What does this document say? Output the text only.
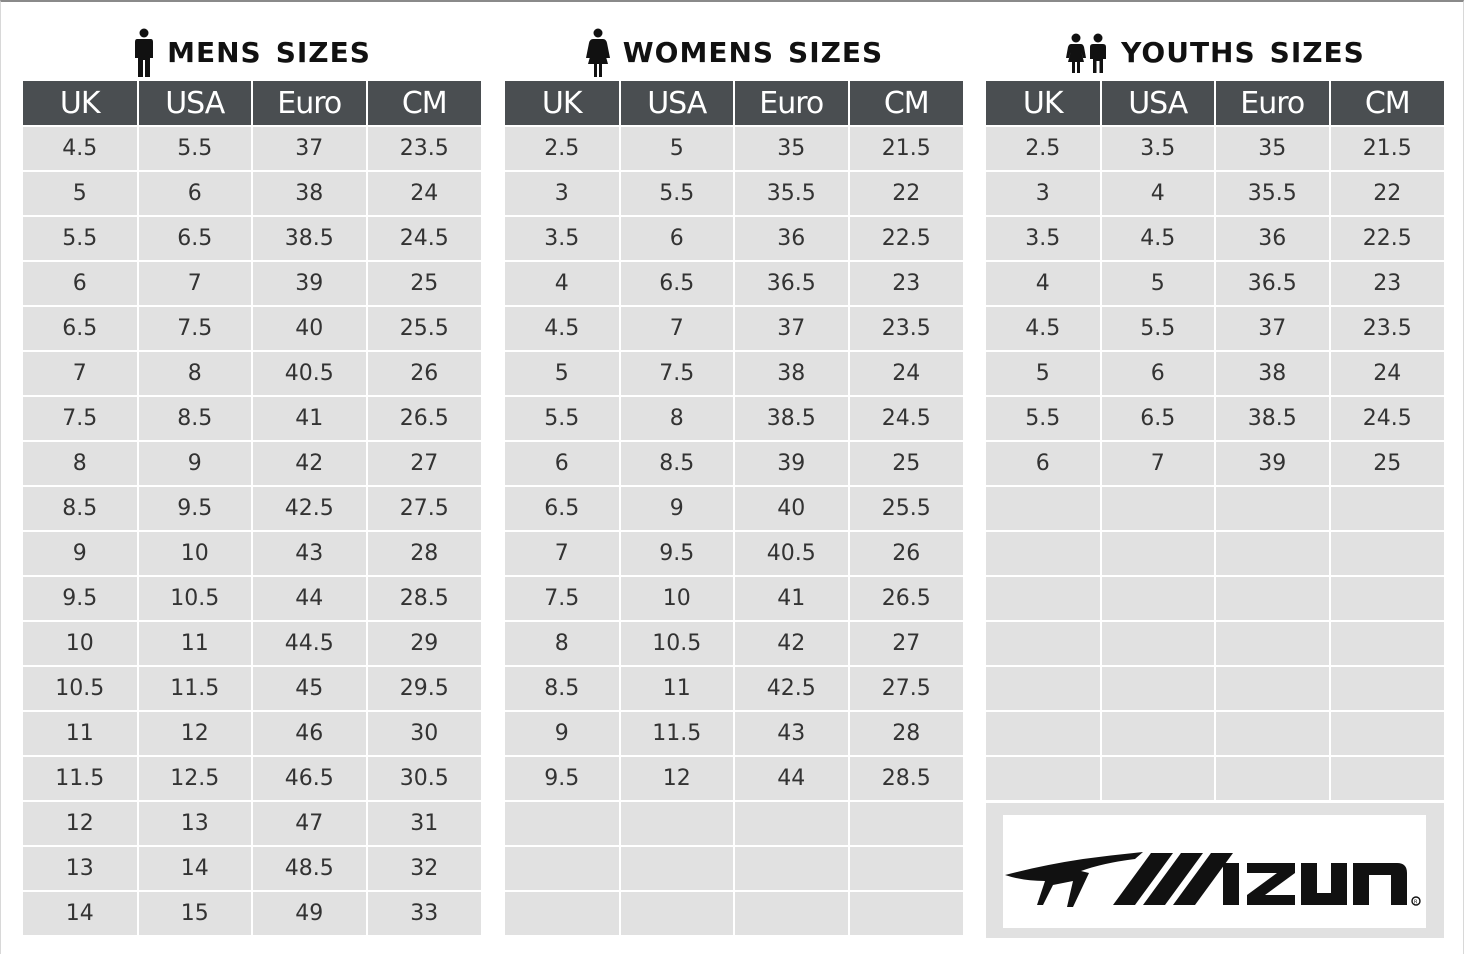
MENS SIZES
UK	USA	Euro	CM
4.5	5.5	37	23.5
5	6	38	24
5.5	6.5	38.5	24.5
6	7	39	25
6.5	7.5	40	25.5
7	8	40.5	26
7.5	8.5	41	26.5
8	9	42	27
8.5	9.5	42.5	27.5
9	10	43	28
9.5	10.5	44	28.5
10	11	44.5	29
10.5	11.5	45	29.5
11	12	46	30
11.5	12.5	46.5	30.5
12	13	47	31
13	14	48.5	32
14	15	49	33
WOMENS SIZES
UK	USA	Euro	CM
2.5	5	35	21.5
3	5.5	35.5	22
3.5	6	36	22.5
4	6.5	36.5	23
4.5	7	37	23.5
5	7.5	38	24
5.5	8	38.5	24.5
6	8.5	39	25
6.5	9	40	25.5
7	9.5	40.5	26
7.5	10	41	26.5
8	10.5	42	27
8.5	11	42.5	27.5
9	11.5	43	28
9.5	12	44	28.5

YOUTHS SIZES
UK	USA	Euro	CM
2.5	3.5	35	21.5
3	4	35.5	22
3.5	4.5	36	22.5
4	5	36.5	23
4.5	5.5	37	23.5
5	6	38	24
5.5	6.5	38.5	24.5
6	7	39	25

R
